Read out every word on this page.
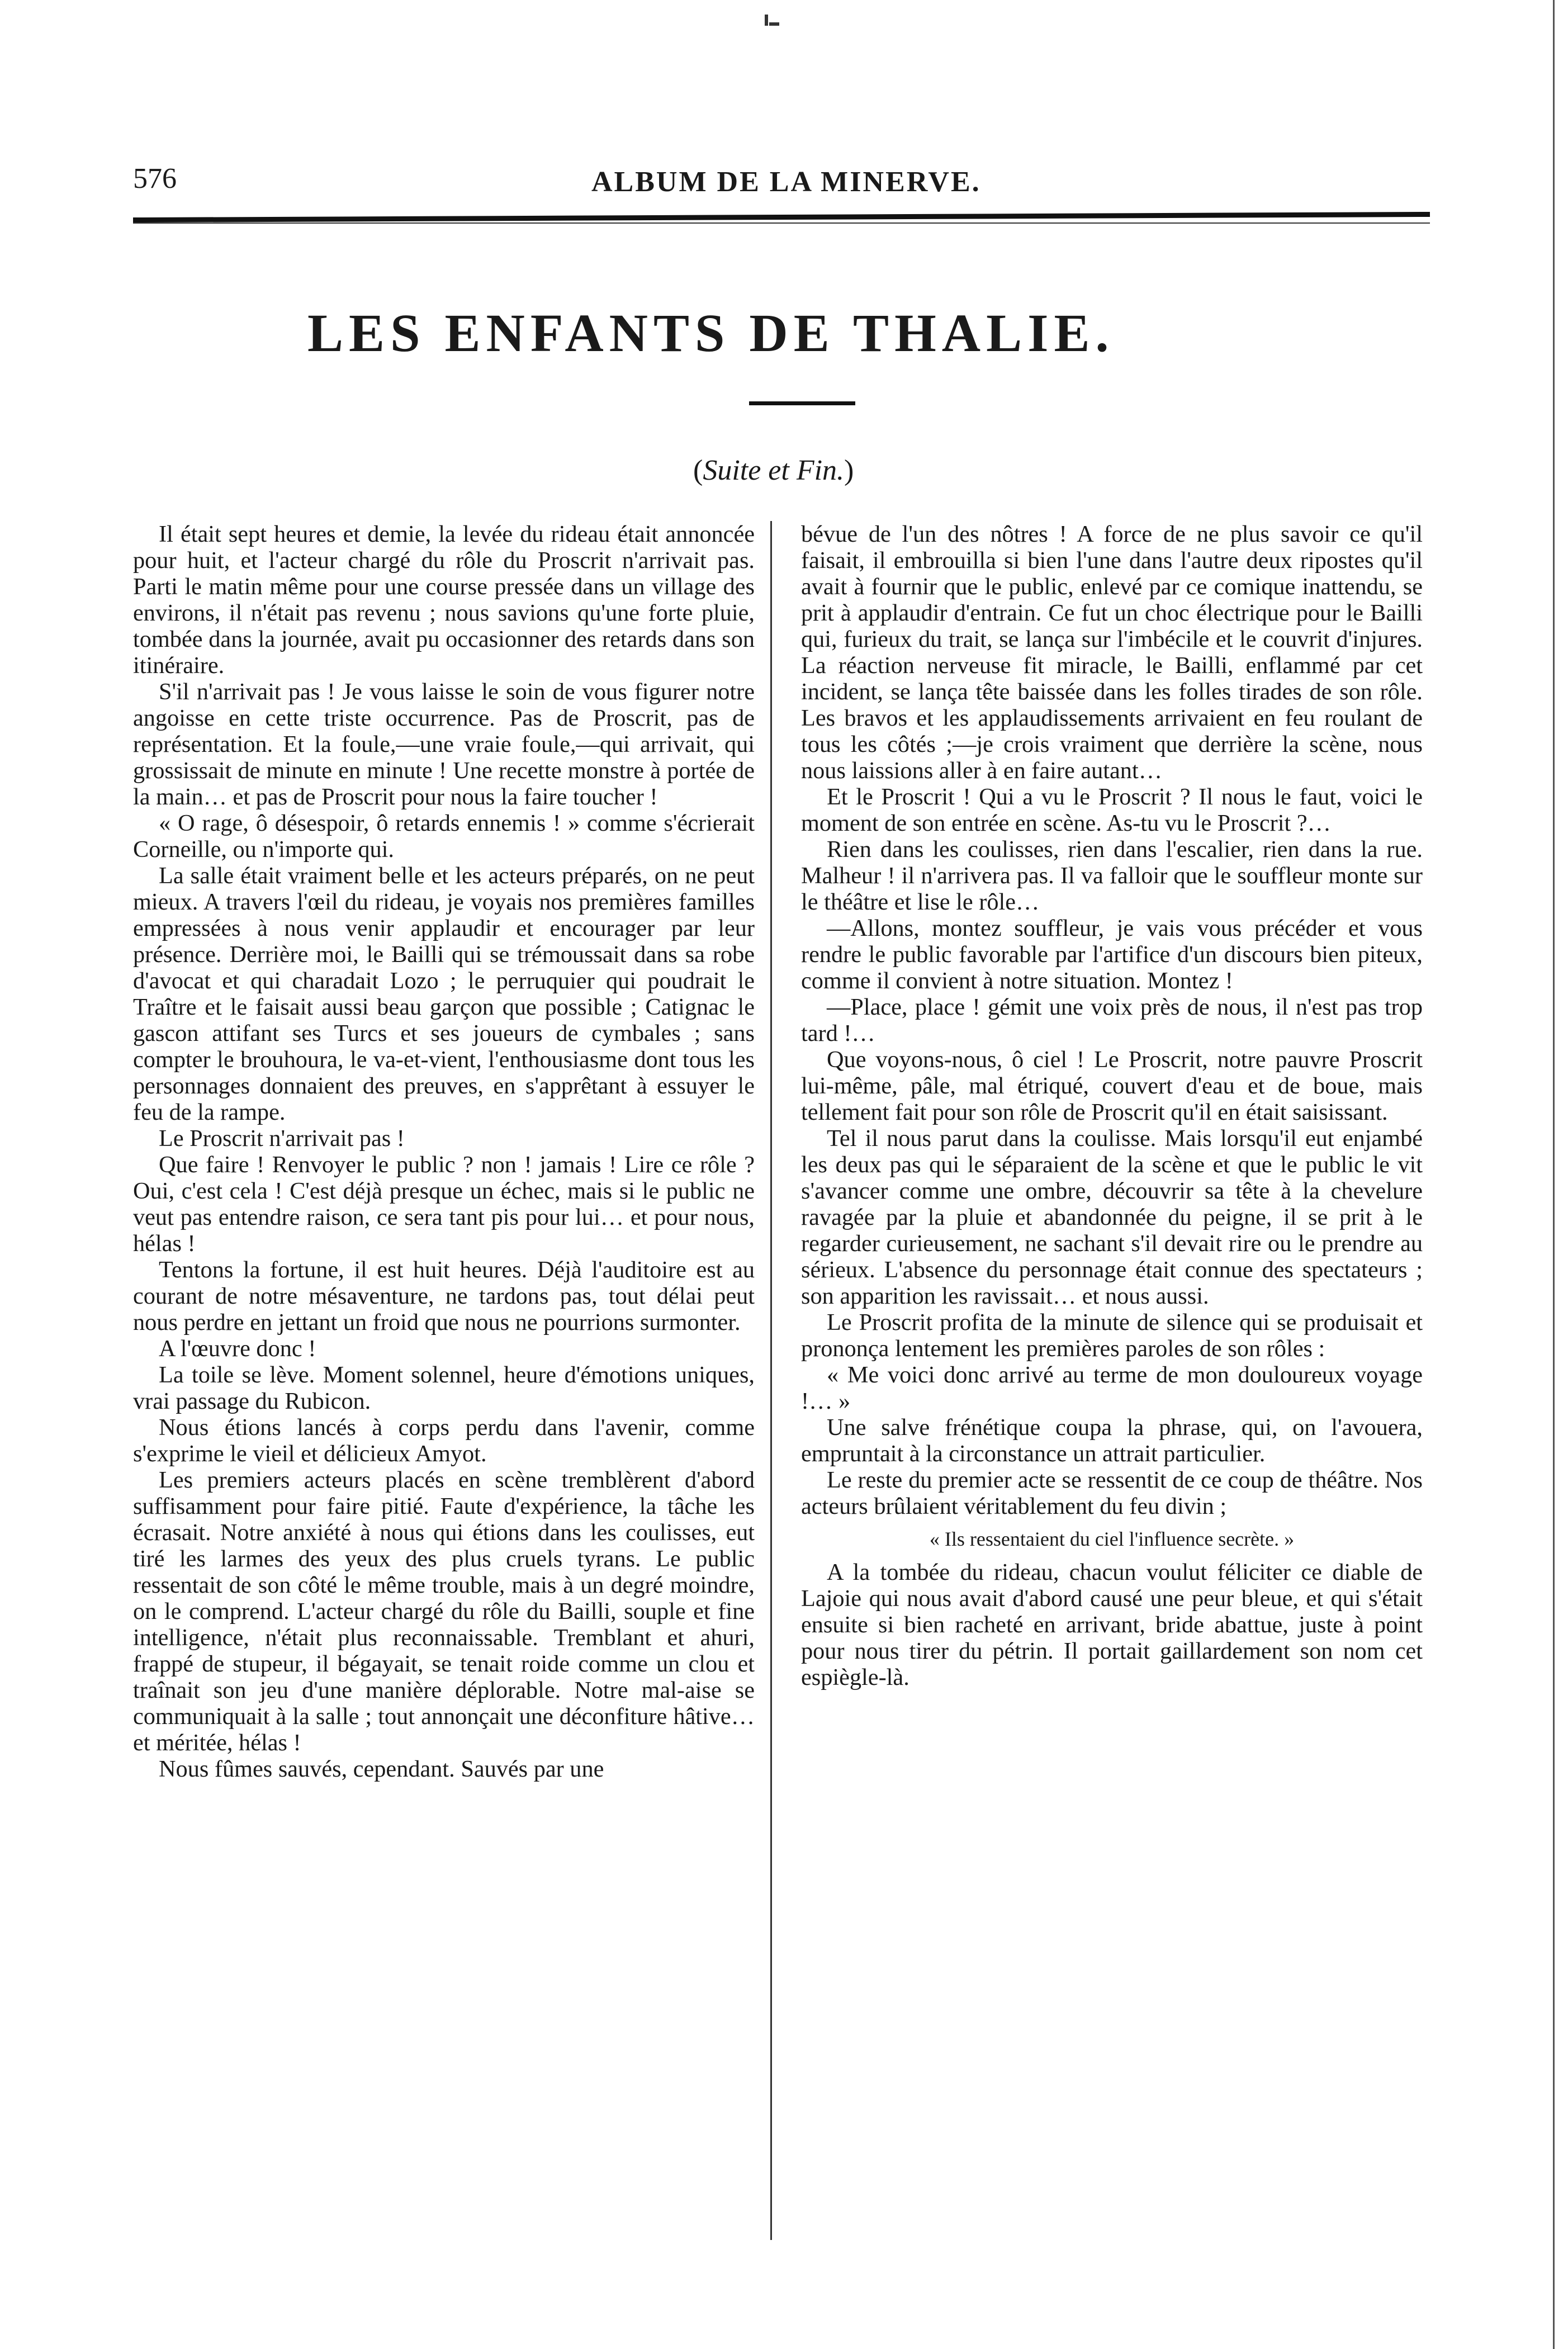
576	ALBUM DE LA MINERVE.
LES ENFANTS DE THALIE.
(Suite et Fin.)

Il était sept heures et demie, la levée du rideau était annoncée pour huit, et l'acteur chargé du rôle du Proscrit n'arrivait pas. Parti le matin même pour une course pressée dans un village des environs, il n'était pas revenu ; nous savions qu'une forte pluie, tombée dans la journée, avait pu occasionner des retards dans son itinéraire.

S'il n'arrivait pas ! Je vous laisse le soin de vous figurer notre angoisse en cette triste occurrence. Pas de Proscrit, pas de représentation. Et la foule,—une vraie foule,—qui arrivait, qui grossissait de minute en minute ! Une recette monstre à portée de la main… et pas de Proscrit pour nous la faire toucher !

« O rage, ô désespoir, ô retards ennemis ! » comme s'écrierait Corneille, ou n'importe qui.

La salle était vraiment belle et les acteurs préparés, on ne peut mieux. A travers l'œil du rideau, je voyais nos premières familles empressées à nous venir applaudir et encourager par leur présence. Derrière moi, le Bailli qui se trémoussait dans sa robe d'avocat et qui charadait Lozo ; le perruquier qui poudrait le Traître et le faisait aussi beau garçon que possible ; Catignac le gascon attifant ses Turcs et ses joueurs de cymbales ; sans compter le brouhoura, le va-et-vient, l'enthousiasme dont tous les personnages donnaient des preuves, en s'apprêtant à essuyer le feu de la rampe.

Le Proscrit n'arrivait pas !

Que faire ! Renvoyer le public ? non ! jamais ! Lire ce rôle ? Oui, c'est cela ! C'est déjà presque un échec, mais si le public ne veut pas entendre raison, ce sera tant pis pour lui… et pour nous, hélas !

Tentons la fortune, il est huit heures. Déjà l'auditoire est au courant de notre mésaventure, ne tardons pas, tout délai peut nous perdre en jettant un froid que nous ne pourrions surmonter.

A l'œuvre donc !

La toile se lève. Moment solennel, heure d'émotions uniques, vrai passage du Rubicon.

Nous étions lancés à corps perdu dans l'avenir, comme s'exprime le vieil et délicieux Amyot.

Les premiers acteurs placés en scène tremblèrent d'abord suffisamment pour faire pitié. Faute d'expérience, la tâche les écrasait. Notre anxiété à nous qui étions dans les coulisses, eut tiré les larmes des yeux des plus cruels tyrans. Le public ressentait de son côté le même trouble, mais à un degré moindre, on le comprend. L'acteur chargé du rôle du Bailli, souple et fine intelligence, n'était plus reconnaissable. Tremblant et ahuri, frappé de stupeur, il bégayait, se tenait roide comme un clou et traînait son jeu d'une manière déplorable. Notre mal-aise se communiquait à la salle ; tout annonçait une déconfiture hâtive… et méritée, hélas !

Nous fûmes sauvés, cependant. Sauvés par une

bévue de l'un des nôtres ! A force de ne plus savoir ce qu'il faisait, il embrouilla si bien l'une dans l'autre deux ripostes qu'il avait à fournir que le public, enlevé par ce comique inattendu, se prit à applaudir d'entrain. Ce fut un choc électrique pour le Bailli qui, furieux du trait, se lança sur l'imbécile et le couvrit d'injures. La réaction nerveuse fit miracle, le Bailli, enflammé par cet incident, se lança tête baissée dans les folles tirades de son rôle. Les bravos et les applaudissements arrivaient en feu roulant de tous les côtés ;—je crois vraiment que derrière la scène, nous nous laissions aller à en faire autant…

Et le Proscrit ! Qui a vu le Proscrit ? Il nous le faut, voici le moment de son entrée en scène. As-tu vu le Proscrit ?…

Rien dans les coulisses, rien dans l'escalier, rien dans la rue. Malheur ! il n'arrivera pas. Il va falloir que le souffleur monte sur le théâtre et lise le rôle…

—Allons, montez souffleur, je vais vous précéder et vous rendre le public favorable par l'artifice d'un discours bien piteux, comme il convient à notre situation. Montez !

—Place, place ! gémit une voix près de nous, il n'est pas trop tard !…

Que voyons-nous, ô ciel ! Le Proscrit, notre pauvre Proscrit lui-même, pâle, mal étriqué, couvert d'eau et de boue, mais tellement fait pour son rôle de Proscrit qu'il en était saisissant.

Tel il nous parut dans la coulisse. Mais lorsqu'il eut enjambé les deux pas qui le séparaient de la scène et que le public le vit s'avancer comme une ombre, découvrir sa tête à la chevelure ravagée par la pluie et abandonnée du peigne, il se prit à le regarder curieusement, ne sachant s'il devait rire ou le prendre au sérieux. L'absence du personnage était connue des spectateurs ; son apparition les ravissait… et nous aussi.

Le Proscrit profita de la minute de silence qui se produisait et prononça lentement les premières paroles de son rôles :

« Me voici donc arrivé au terme de mon douloureux voyage !… »

Une salve frénétique coupa la phrase, qui, on l'avouera, empruntait à la circonstance un attrait particulier.

Le reste du premier acte se ressentit de ce coup de théâtre. Nos acteurs brûlaient véritablement du feu divin ;

« Ils ressentaient du ciel l'influence secrète. »

A la tombée du rideau, chacun voulut féliciter ce diable de Lajoie qui nous avait d'abord causé une peur bleue, et qui s'était ensuite si bien racheté en arrivant, bride abattue, juste à point pour nous tirer du pétrin. Il portait gaillardement son nom cet espiègle-là.
